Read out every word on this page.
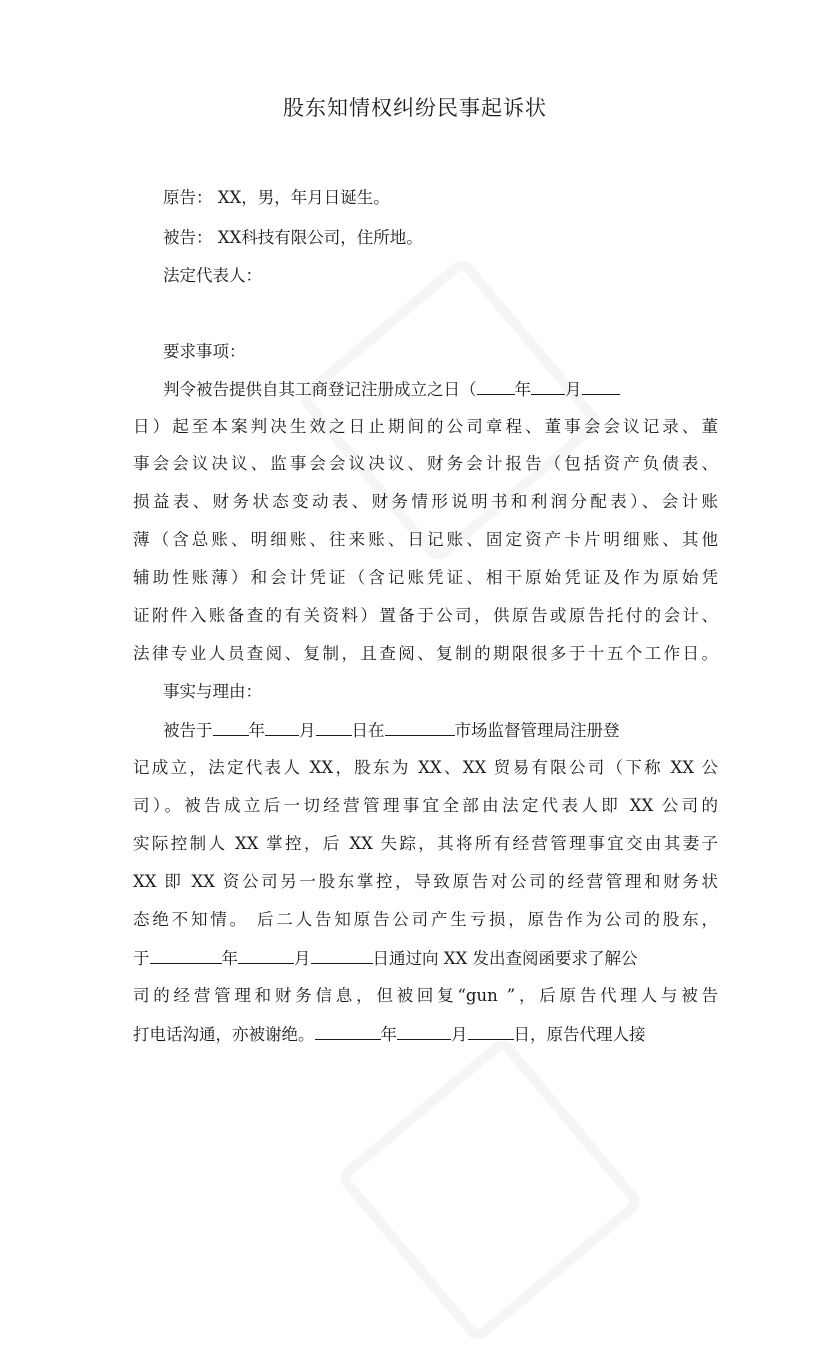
股东知情权纠纷民事起诉状
原告： XX，男，年月日诞生。
被告： XX科技有限公司，住所地。
法定代表人：
要求事项：
判令被告提供自其工商登记注册成立之日（ 年 月
日）起至本案判决生效之日止期间的公司章程、董事会会议记录、董
事会会议决议、监事会会议决议、财务会计报告（包括资产负债表、
损益表、财务状态变动表、财务情形说明书和利润分配表）、会计账
薄（含总账、明细账、往来账、日记账、固定资产卡片明细账、其他
辅助性账薄）和会计凭证（含记账凭证、相干原始凭证及作为原始凭
证附件入账备查的有关资料）置备于公司，供原告或原告托付的会计、
法律专业人员查阅、复制，且查阅、复制的期限很多于十五个工作日。
事实与理由：
被告于 年 月 日在	市场监督管理局注册登
记成立，法定代表人 XX，股东为 XX、XX 贸易有限公司（下称 XX 公
司）。被告成立后一切经营管理事宜全部由法定代表人即 XX 公司的
实际控制人 XX 掌控，后 XX 失踪，其将所有经营管理事宜交由其妻子
XX 即 XX 资公司另一股东掌控，导致原告对公司的经营管理和财务状
态绝不知情。 后二人告知原告公司产生亏损，原告作为公司的股东，
于	年	月	日通过向 XX 发出查阅函要求了解公
司的经营管理和财务信息，但被回复“gun ”，后原告代理人与被告
打电话沟通，亦被谢绝。	年	月	日，原告代理人接
